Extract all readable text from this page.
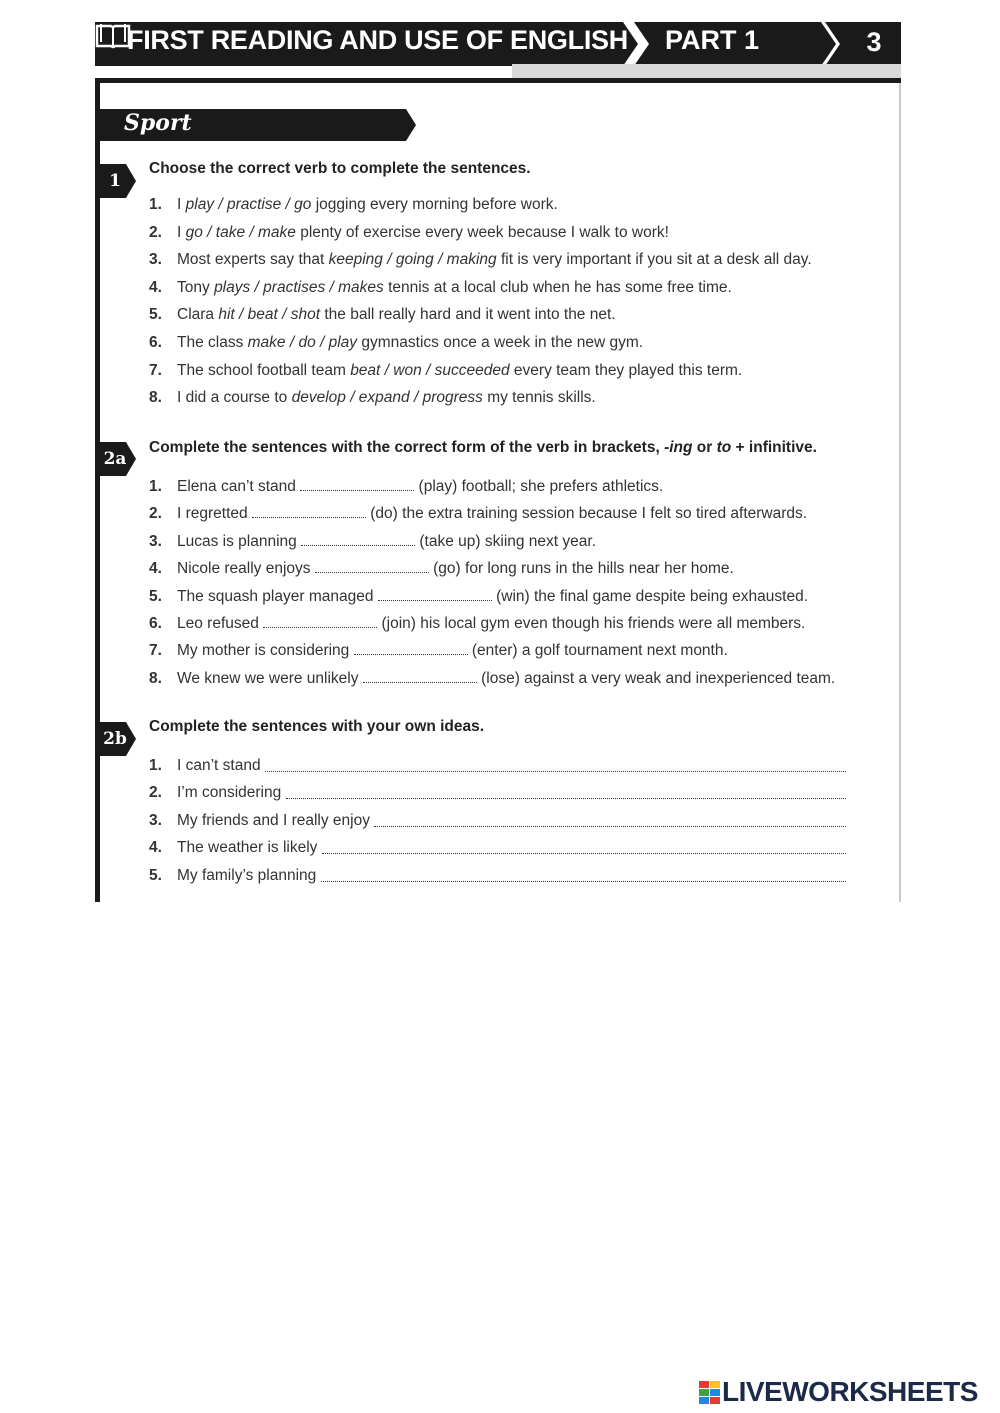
FIRST READING AND USE OF ENGLISH PART 1	3
Sport
1
Choose the correct verb to complete the sentences.
1. I play / practise / go jogging every morning before work.
2. I go / take / make plenty of exercise every week because I walk to work!
3. Most experts say that keeping / going / making fit is very important if you sit at a desk all day.
4. Tony plays / practises / makes tennis at a local club when he has some free time.
5. Clara hit / beat / shot the ball really hard and it went into the net.
6. The class make / do / play gymnastics once a week in the new gym.
7. The school football team beat / won / succeeded every team they played this term.
8. I did a course to develop / expand / progress my tennis skills.
2a
Complete the sentences with the correct form of the verb in brackets, -ing or to + infinitive.
1. Elena can’t stand	(play) football; she prefers athletics.
2. I regretted	(do) the extra training session because I felt so tired afterwards.
3. Lucas is planning	(take up) skiing next year.
4. Nicole really enjoys	(go) for long runs in the hills near her home.
5. The squash player managed	(win) the final game despite being exhausted.
6. Leo refused	(join) his local gym even though his friends were all members.
7. My mother is considering	(enter) a golf tournament next month.
8. We knew we were unlikely	(lose) against a very weak and inexperienced team.
2b
Complete the sentences with your own ideas.
1. I can’t stand
2. I’m considering
3. My friends and I really enjoy
4. The weather is likely
5. My family’s planning
LIVEWORKSHEETS
